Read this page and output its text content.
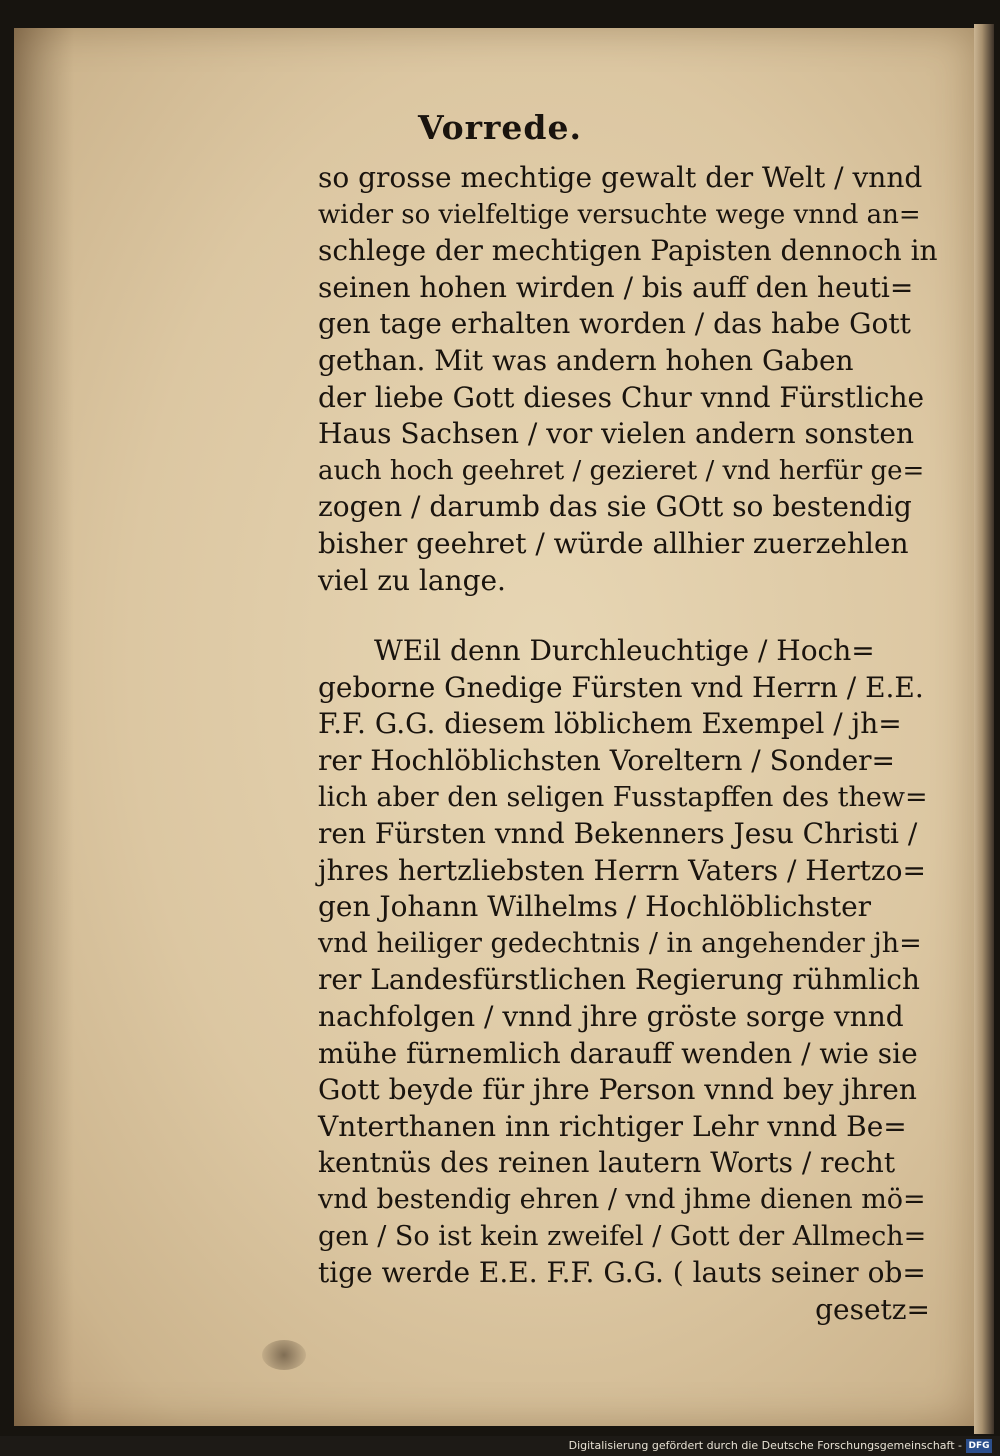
Vorrede.
so grosse mechtige gewalt der Welt / vnnd
wider so vielfeltige versuchte wege vnnd an=
schlege der mechtigen Papisten dennoch in
seinen hohen wirden / bis auff den heuti=
gen tage erhalten worden / das habe Gott
gethan. Mit was andern hohen Gaben
der liebe Gott dieses Chur vnnd Fürstliche
Haus Sachsen / vor vielen andern sonsten
auch hoch geehret / gezieret / vnd herfür ge=
zogen / darumb das sie GOtt so bestendig
bisher geehret / würde allhier zuerzehlen
viel zu lange.
WEil denn Durchleuchtige / Hoch=
geborne Gnedige Fürsten vnd Herrn / E.E.
F.F. G.G. diesem löblichem Exempel / jh=
rer Hochlöblichsten Voreltern / Sonder=
lich aber den seligen Fusstapffen des thew=
ren Fürsten vnnd Bekenners Jesu Christi /
jhres hertzliebsten Herrn Vaters / Hertzo=
gen Johann Wilhelms / Hochlöblichster
vnd heiliger gedechtnis / in angehender jh=
rer Landesfürstlichen Regierung rühmlich
nachfolgen / vnnd jhre gröste sorge vnnd
mühe fürnemlich darauff wenden / wie sie
Gott beyde für jhre Person vnnd bey jhren
Vnterthanen inn richtiger Lehr vnnd Be=
kentnüs des reinen lautern Worts / recht
vnd bestendig ehren / vnd jhme dienen mö=
gen / So ist kein zweifel / Gott der Allmech=
tige werde E.E. F.F. G.G. ( lauts seiner ob=
gesetz=
Digitalisierung gefördert durch die Deutsche Forschungsgemeinschaft - DFG
